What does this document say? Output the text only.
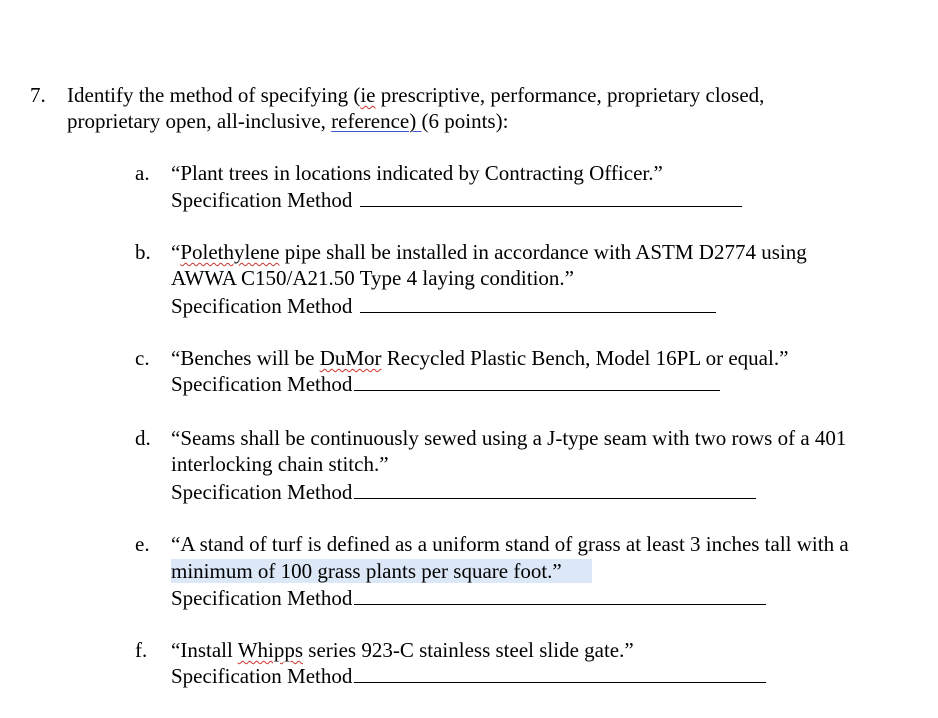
7. Identify the method of specifying (ie prescriptive, performance, proprietary closed,
proprietary open, all-inclusive, reference) (6 points):
a. “Plant trees in locations indicated by Contracting Officer.”
Specification Method
b. “Polethylene pipe shall be installed in accordance with ASTM D2774 using
AWWA C150/A21.50 Type 4 laying condition.”
Specification Method
c. “Benches will be DuMor Recycled Plastic Bench, Model 16PL or equal.”
Specification Method
d. “Seams shall be continuously sewed using a J-type seam with two rows of a 401
interlocking chain stitch.”
Specification Method
e. “A stand of turf is defined as a uniform stand of grass at least 3 inches tall with a
minimum of 100 grass plants per square foot.”
Specification Method
f. “Install Whipps series 923-C stainless steel slide gate.”
Specification Method
